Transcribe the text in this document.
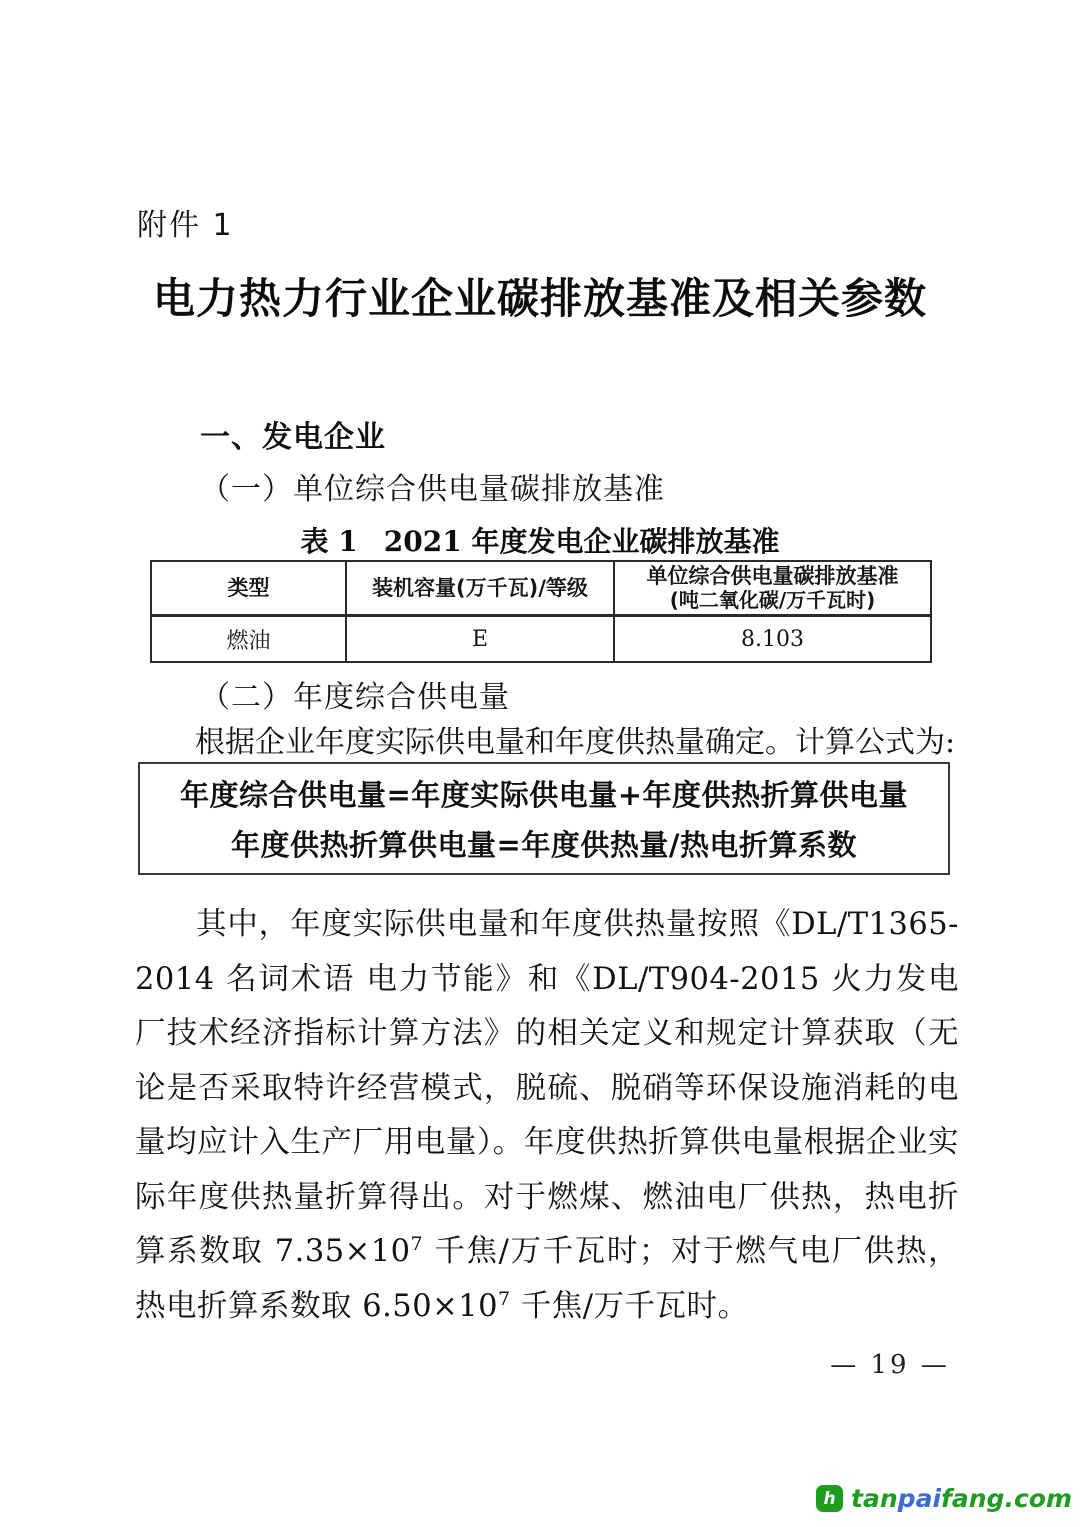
附件 1
电力热力行业企业碳排放基准及相关参数
一、发电企业
（一）单位综合供电量碳排放基准
表 1 2021 年度发电企业碳排放基准
类型	装机容量(万千瓦)/等级	单位综合供电量碳排放基准
(吨二氧化碳/万千瓦时)

燃油	E	8.103
（二）年度综合供电量

根据企业年度实际供电量和年度供热量确定。计算公式为:

年度综合供电量=年度实际供电量+年度供热折算供电量
年度供热折算供电量=年度供热量/热电折算系数

其中，年度实际供电量和年度供热量按照《DL/T1365-2014 名词术语 电力节能》和《DL/T904-2015 火力发电厂技术经济指标计算方法》的相关定义和规定计算获取（无论是否采取特许经营模式，脱硫、脱硝等环保设施消耗的电量均应计入生产厂用电量）。年度供热折算供电量根据企业实际年度供热量折算得出。对于燃煤、燃油电厂供热，热电折算系数取 $7.35\times 10^7$ 千焦/万千瓦时；对于燃气电厂供热，热电折算系数取 $6.50\times 10^7$ 千焦/万千瓦时。

— 19 —
h tanpaifang.com
